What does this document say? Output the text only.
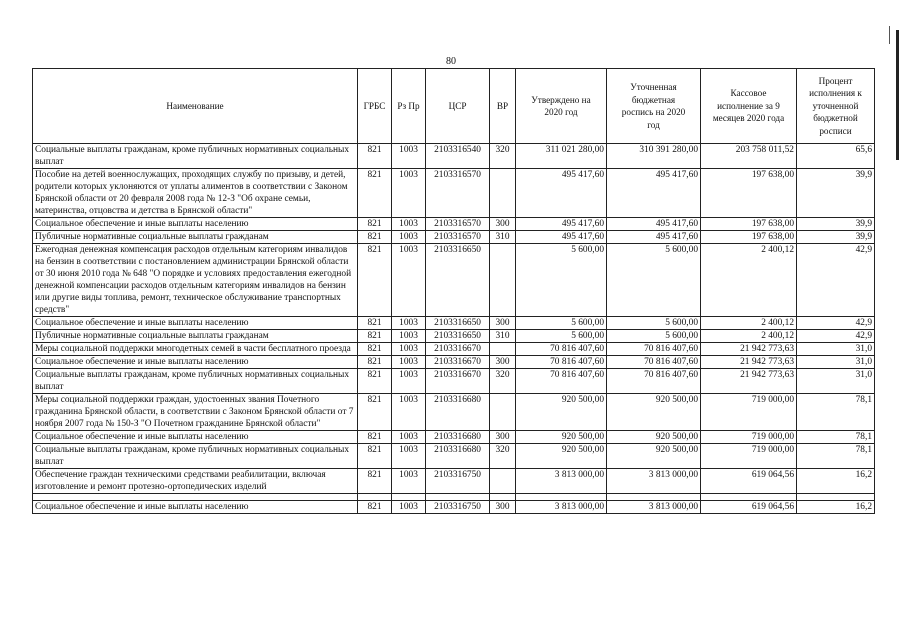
80
Наименование	ГРБС	Рз Пр	ЦСР	ВР	Утверждено на 2020 год	Уточненная бюджетная роспись на 2020 год	Кассовое исполнение за 9 месяцев 2020 года	Процент исполнения к уточненной бюджетной росписи
Социальные выплаты гражданам, кроме публичных нормативных социальных выплат	821	1003	2103316540	320	311 021 280,00	310 391 280,00	203 758 011,52	65,6
Пособие на детей военнослужащих, проходящих службу по призыву, и детей, родители которых уклоняются от уплаты алиментов в соответствии с Законом Брянской области от 20 февраля 2008 года № 12-З "Об охране семьи, материнства, отцовства и детства в Брянской области"	821	1003	2103316570		495 417,60	495 417,60	197 638,00	39,9
Социальное обеспечение и иные выплаты населению	821	1003	2103316570	300	495 417,60	495 417,60	197 638,00	39,9
Публичные нормативные социальные выплаты гражданам	821	1003	2103316570	310	495 417,60	495 417,60	197 638,00	39,9
Ежегодная денежная компенсация расходов отдельным категориям инвалидов на бензин в соответствии с постановлением администрации Брянской области от 30 июня 2010 года № 648 "О порядке и условиях предоставления ежегодной денежной компенсации расходов отдельным категориям инвалидов на бензин или другие виды топлива, ремонт, техническое обслуживание транспортных средств"	821	1003	2103316650		5 600,00	5 600,00	2 400,12	42,9
Социальное обеспечение и иные выплаты населению	821	1003	2103316650	300	5 600,00	5 600,00	2 400,12	42,9
Публичные нормативные социальные выплаты гражданам	821	1003	2103316650	310	5 600,00	5 600,00	2 400,12	42,9
Меры социальной поддержки многодетных семей в части бесплатного проезда	821	1003	2103316670		70 816 407,60	70 816 407,60	21 942 773,63	31,0
Социальное обеспечение и иные выплаты населению	821	1003	2103316670	300	70 816 407,60	70 816 407,60	21 942 773,63	31,0
Социальные выплаты гражданам, кроме публичных нормативных социальных выплат	821	1003	2103316670	320	70 816 407,60	70 816 407,60	21 942 773,63	31,0
Меры социальной поддержки граждан, удостоенных звания Почетного гражданина Брянской области, в соответствии с Законом Брянской области от 7 ноября 2007 года № 150-З "О Почетном гражданине Брянской области"	821	1003	2103316680		920 500,00	920 500,00	719 000,00	78,1
Социальное обеспечение и иные выплаты населению	821	1003	2103316680	300	920 500,00	920 500,00	719 000,00	78,1
Социальные выплаты гражданам, кроме публичных нормативных социальных выплат	821	1003	2103316680	320	920 500,00	920 500,00	719 000,00	78,1
Обеспечение граждан техническими средствами реабилитации, включая изготовление и ремонт протезно-ортопедических изделий	821	1003	2103316750		3 813 000,00	3 813 000,00	619 064,56	16,2

Социальное обеспечение и иные выплаты населению	821	1003	2103316750	300	3 813 000,00	3 813 000,00	619 064,56	16,2
